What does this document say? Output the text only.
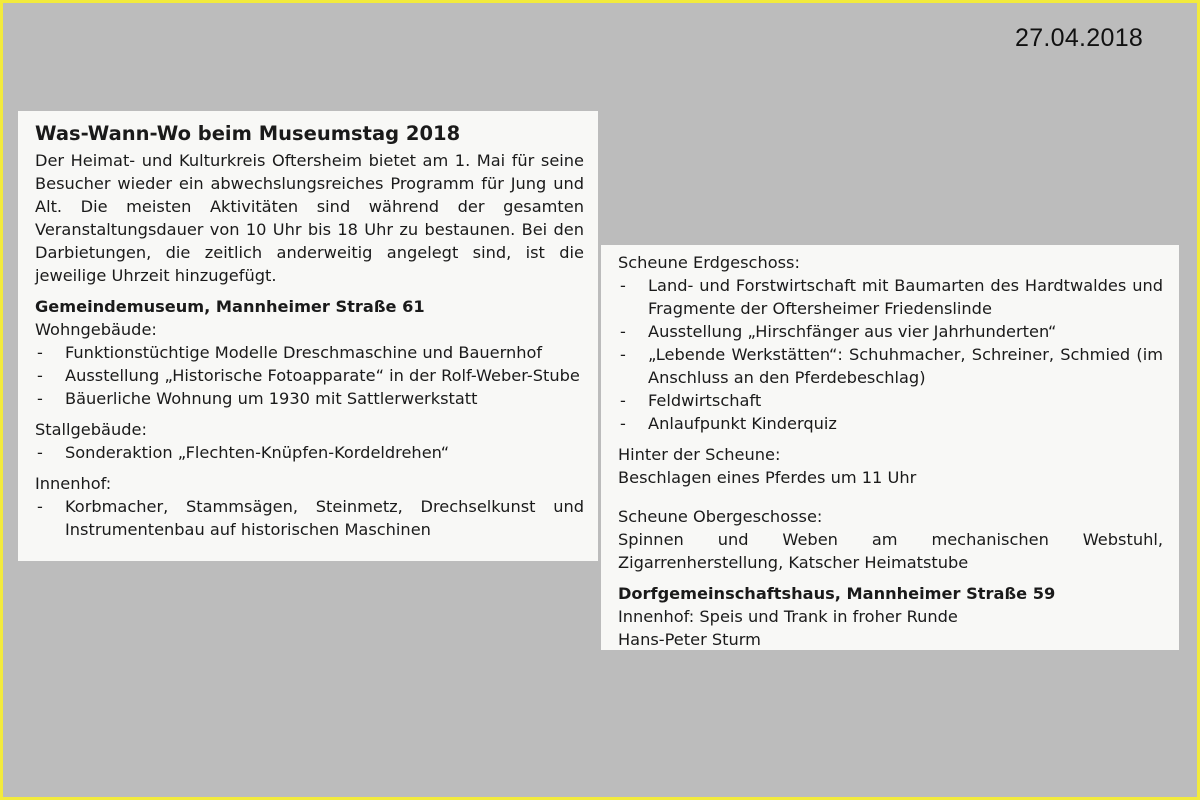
27.04.2018
Was-Wann-Wo beim Museumstag 2018

Der Heimat- und Kulturkreis Oftersheim bietet am 1. Mai für seine Besucher wieder ein abwechslungsreiches Programm für Jung und Alt. Die meisten Aktivitäten sind während der gesamten Veranstaltungsdauer von 10 Uhr bis 18 Uhr zu bestaunen. Bei den Darbietungen, die zeitlich anderweitig angelegt sind, ist die jeweilige Uhrzeit hinzugefügt.

Gemeindemuseum, Mannheimer Straße 61
Wohngebäude:
- Funktionstüchtige Modelle Dreschmaschine und Bauernhof
- Ausstellung „Historische Fotoapparate“ in der Rolf-Weber-Stube
- Bäuerliche Wohnung um 1930 mit Sattlerwerkstatt
Stallgebäude:
- Sonderaktion „Flechten-Knüpfen-Kordeldrehen“
Innenhof:
- Korbmacher, Stammsägen, Steinmetz, Drechselkunst und Instrumentenbau auf historischen Maschinen
Scheune Erdgeschoss:
- Land- und Forstwirtschaft mit Baumarten des Hardtwaldes und Fragmente der Oftersheimer Friedenslinde
- Ausstellung „Hirschfänger aus vier Jahrhunderten“
- „Lebende Werkstätten“: Schuhmacher, Schreiner, Schmied (im Anschluss an den Pferdebeschlag)
- Feldwirtschaft
- Anlaufpunkt Kinderquiz
Hinter der Scheune:
Beschlagen eines Pferdes um 11 Uhr
Scheune Obergeschosse:

Spinnen und Weben am mechanischen Webstuhl, Zigarrenherstellung, Katscher Heimatstube

Dorfgemeinschaftshaus, Mannheimer Straße 59
Innenhof: Speis und Trank in froher Runde
Hans-Peter Sturm
